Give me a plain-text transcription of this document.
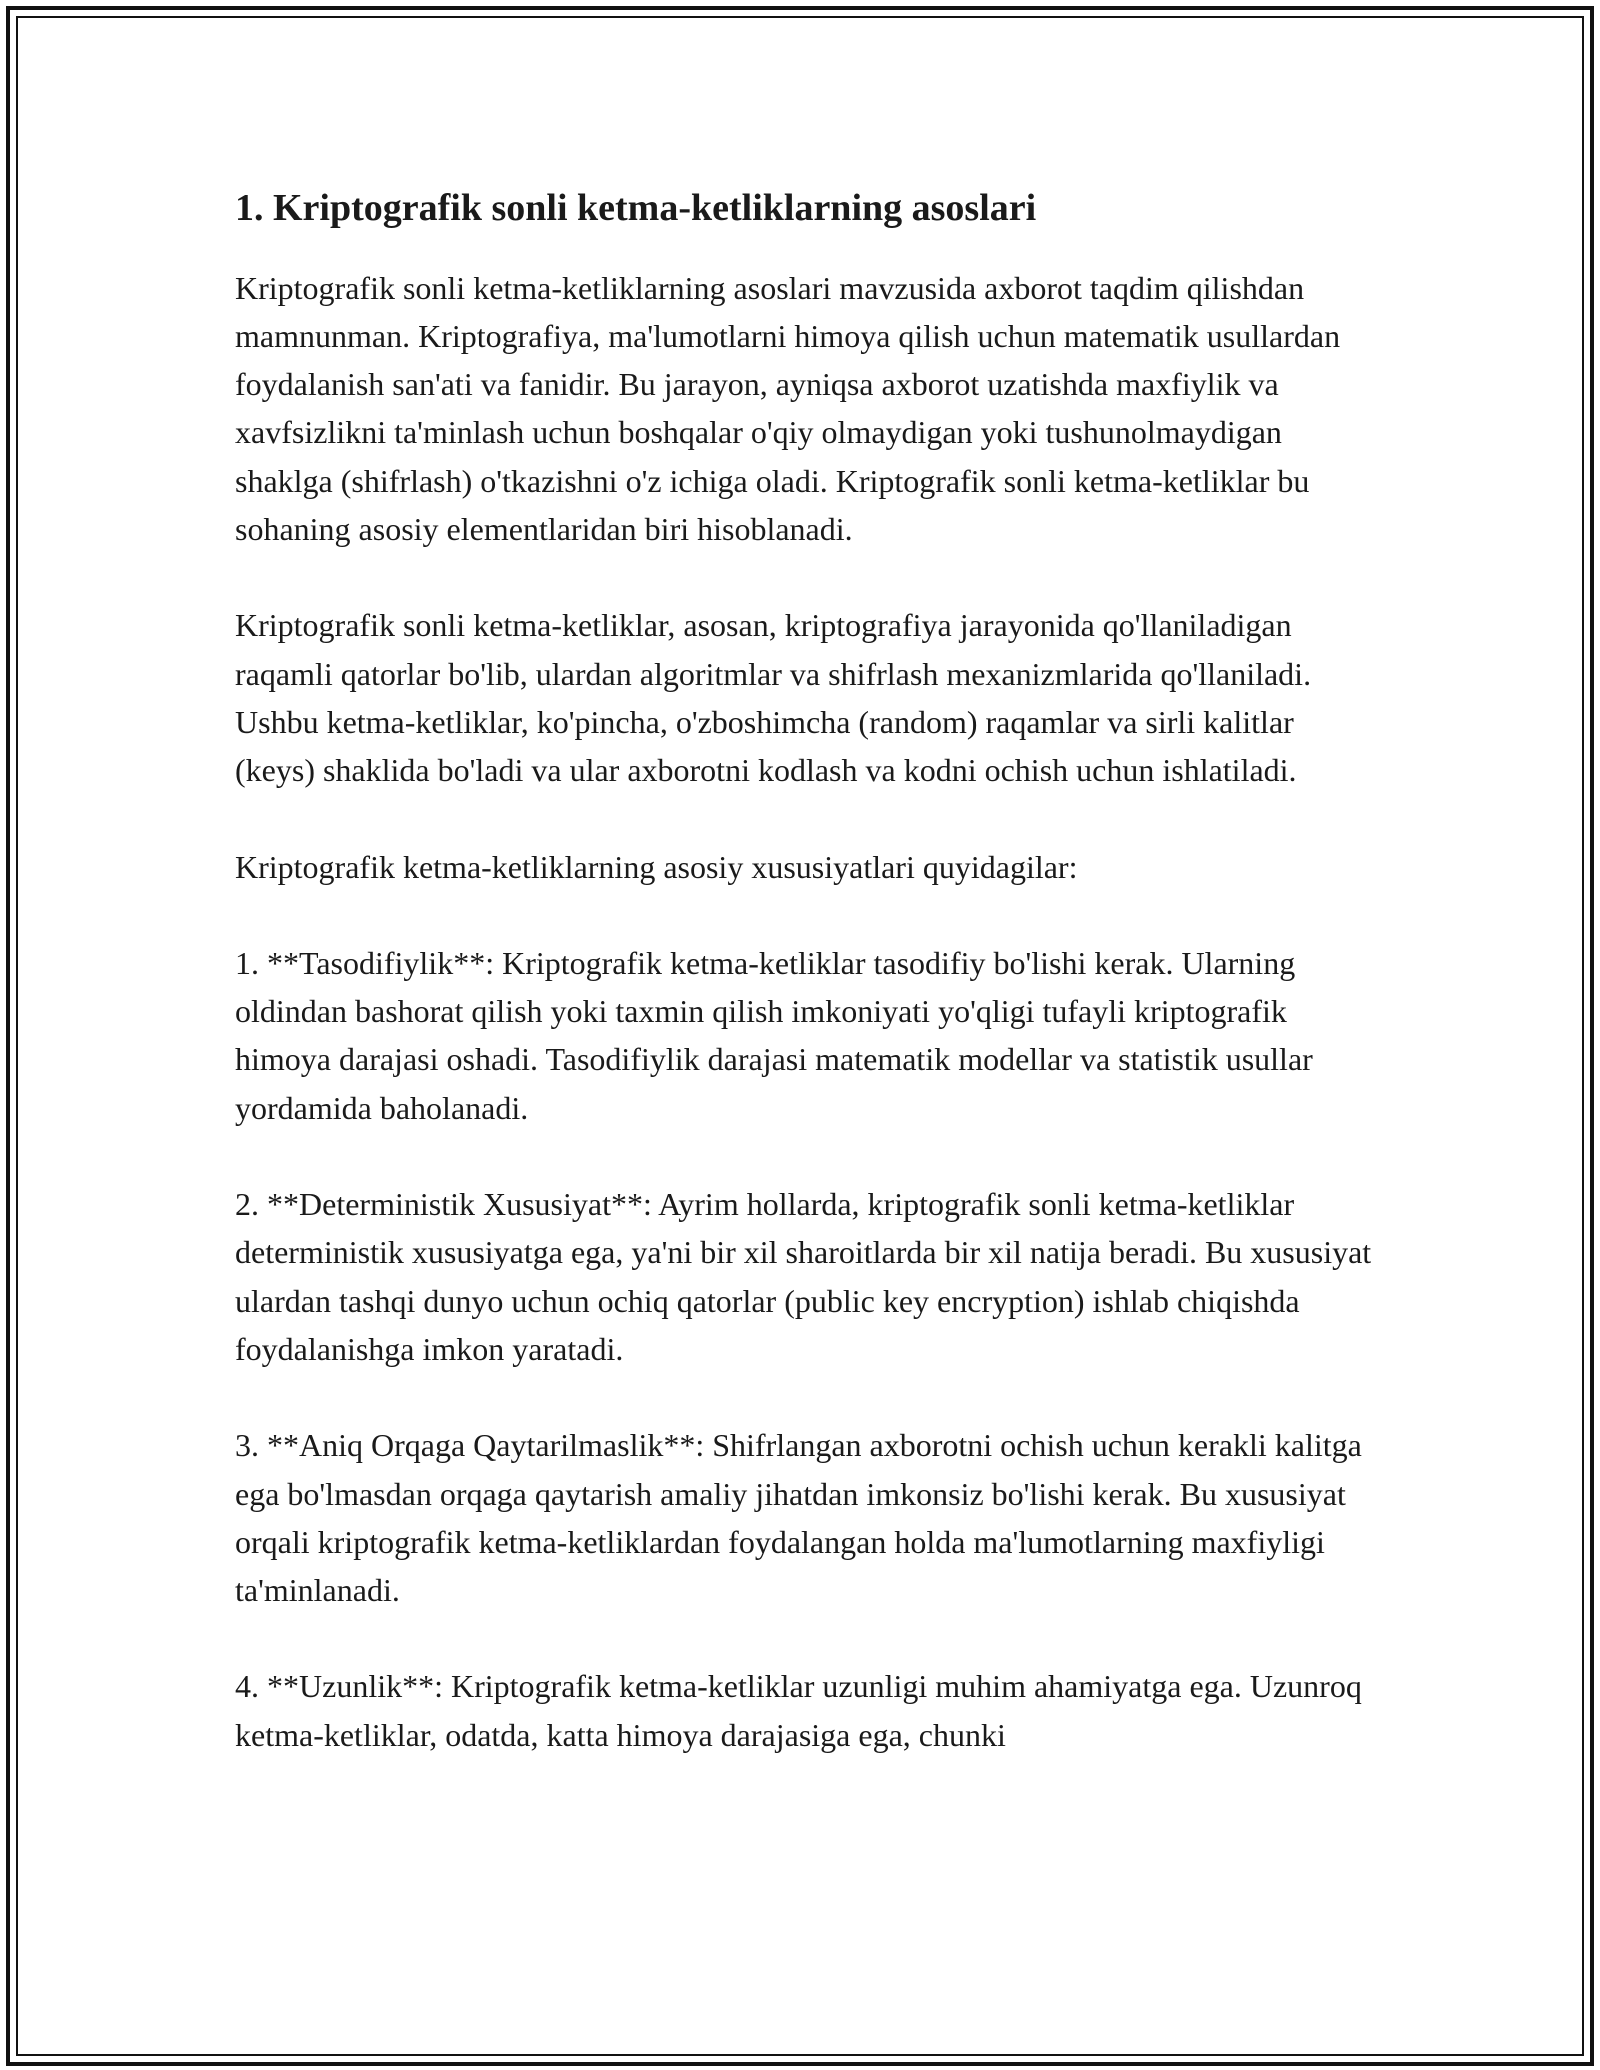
1. Kriptografik sonli ketma-ketliklarning asoslari

Kriptografik sonli ketma-ketliklarning asoslari mavzusida axborot taqdim qilishdan mamnunman. Kriptografiya, ma'lumotlarni himoya qilish uchun matematik usullardan foydalanish san'ati va fanidir. Bu jarayon, ayniqsa axborot uzatishda maxfiylik va xavfsizlikni ta'minlash uchun boshqalar o'qiy olmaydigan yoki tushunolmaydigan shaklga (shifrlash) o'tkazishni o'z ichiga oladi. Kriptografik sonli ketma-ketliklar bu sohaning asosiy elementlaridan biri hisoblanadi.

Kriptografik sonli ketma-ketliklar, asosan, kriptografiya jarayonida qo'llaniladigan raqamli qatorlar bo'lib, ulardan algoritmlar va shifrlash mexanizmlarida qo'llaniladi. Ushbu ketma-ketliklar, ko'pincha, o'zboshimcha (random) raqamlar va sirli kalitlar (keys) shaklida bo'ladi va ular axborotni kodlash va kodni ochish uchun ishlatiladi.

Kriptografik ketma-ketliklarning asosiy xususiyatlari quyidagilar:

1. **Tasodifiylik**: Kriptografik ketma-ketliklar tasodifiy bo'lishi kerak. Ularning oldindan bashorat qilish yoki taxmin qilish imkoniyati yo'qligi tufayli kriptografik himoya darajasi oshadi. Tasodifiylik darajasi matematik modellar va statistik usullar yordamida baholanadi.

2. **Deterministik Xususiyat**: Ayrim hollarda, kriptografik sonli ketma-ketliklar deterministik xususiyatga ega, ya'ni bir xil sharoitlarda bir xil natija beradi. Bu xususiyat ulardan tashqi dunyo uchun ochiq qatorlar (public key encryption) ishlab chiqishda foydalanishga imkon yaratadi.

3. **Aniq Orqaga Qaytarilmaslik**: Shifrlangan axborotni ochish uchun kerakli kalitga ega bo'lmasdan orqaga qaytarish amaliy jihatdan imkonsiz bo'lishi kerak. Bu xususiyat orqali kriptografik ketma-ketliklardan foydalangan holda ma'lumotlarning maxfiyligi ta'minlanadi.

4. **Uzunlik**: Kriptografik ketma-ketliklar uzunligi muhim ahamiyatga ega. Uzunroq ketma-ketliklar, odatda, katta himoya darajasiga ega, chunki
